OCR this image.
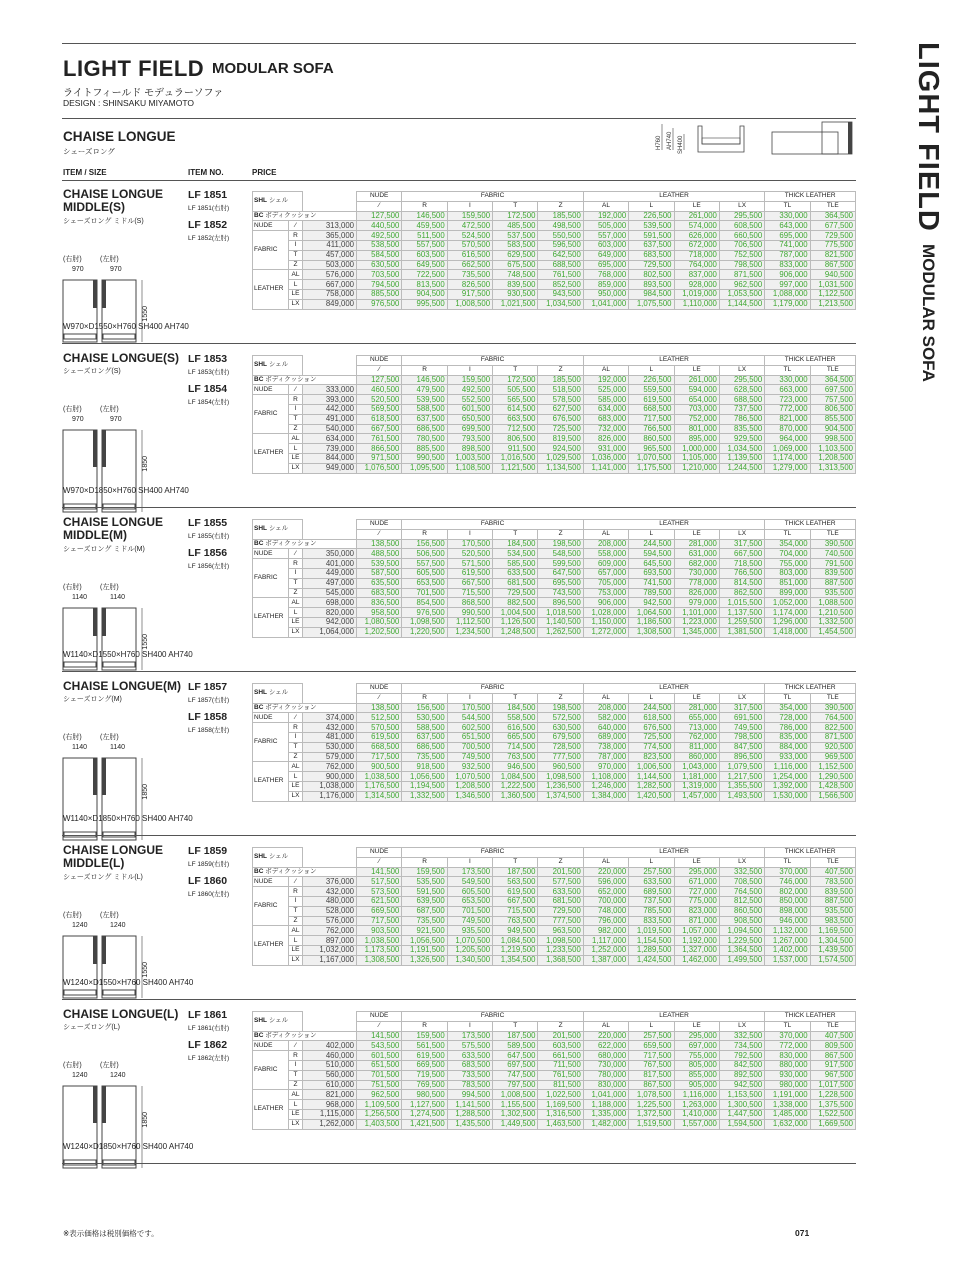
LIGHT FIELD MODULAR SOFA
ライトフィールド モデュラーソファ
DESIGN : SHINSAKU MIYAMOTO
CHAISE LONGUE
シェーズロング
H760 AH740 SH400	LIGHT FIELDMODULAR SOFA
ITEM / SIZE	ITEM NO.	PRICE
CHAISE LONGUE MIDDLE(S)
シェーズロング ミドル(S)
LF 1851
LF 1851(右肘)
LF 1852
LF 1852(左肘)
(右肘)	(左肘)
970	970
1550
W970×D1550×H760 SH400 AH740
SHL シェル			NUDE	FABRIC				LEATHER				THICK LEATHER	
			∕	R	I	T	Z	AL	L	LE	LX	TL	TLE
BC ボディクッション			127,500	146,500	159,500	172,500	185,500	192,000	226,500	261,000	295,500	330,000	364,500
NUDE	∕	313,000	440,500	459,500	472,500	485,500	498,500	505,000	539,500	574,000	608,500	643,000	677,500
FABRIC	R	365,000	492,500	511,500	524,500	537,500	550,500	557,000	591,500	626,000	660,500	695,000	729,500
	I	411,000	538,500	557,500	570,500	583,500	596,500	603,000	637,500	672,000	706,500	741,000	775,500
	T	457,000	584,500	603,500	616,500	629,500	642,500	649,000	683,500	718,000	752,500	787,000	821,500
	Z	503,000	630,500	649,500	662,500	675,500	688,500	695,000	729,500	764,000	798,500	833,000	867,500
LEATHER	AL	576,000	703,500	722,500	735,500	748,500	761,500	768,000	802,500	837,000	871,500	906,000	940,500
	L	667,000	794,500	813,500	826,500	839,500	852,500	859,000	893,500	928,000	962,500	997,000	1,031,500
	LE	758,000	885,500	904,500	917,500	930,500	943,500	950,000	984,500	1,019,000	1,053,500	1,088,000	1,122,500
	LX	849,000	976,500	995,500	1,008,500	1,021,500	1,034,500	1,041,000	1,075,500	1,110,000	1,144,500	1,179,000	1,213,500
CHAISE LONGUE(S)
シェーズロング(S)
LF 1853
LF 1853(右肘)
LF 1854
LF 1854(左肘)
(右肘)	(左肘)
970	970
1850
W970×D1850×H760 SH400 AH740
SHL シェル			NUDE	FABRIC				LEATHER				THICK LEATHER	
			∕	R	I	T	Z	AL	L	LE	LX	TL	TLE
BC ボディクッション			127,500	146,500	159,500	172,500	185,500	192,000	226,500	261,000	295,500	330,000	364,500
NUDE	∕	333,000	460,500	479,500	492,500	505,500	518,500	525,000	559,500	594,000	628,500	663,000	697,500
FABRIC	R	393,000	520,500	539,500	552,500	565,500	578,500	585,000	619,500	654,000	688,500	723,000	757,500
	I	442,000	569,500	588,500	601,500	614,500	627,500	634,000	668,500	703,000	737,500	772,000	806,500
	T	491,000	618,500	637,500	650,500	663,500	676,500	683,000	717,500	752,000	786,500	821,000	855,500
	Z	540,000	667,500	686,500	699,500	712,500	725,500	732,000	766,500	801,000	835,500	870,000	904,500
LEATHER	AL	634,000	761,500	780,500	793,500	806,500	819,500	826,000	860,500	895,000	929,500	964,000	998,500
	L	739,000	866,500	885,500	898,500	911,500	924,500	931,000	965,500	1,000,000	1,034,500	1,069,000	1,103,500
	LE	844,000	971,500	990,500	1,003,500	1,016,500	1,029,500	1,036,000	1,070,500	1,105,000	1,139,500	1,174,000	1,208,500
	LX	949,000	1,076,500	1,095,500	1,108,500	1,121,500	1,134,500	1,141,000	1,175,500	1,210,000	1,244,500	1,279,000	1,313,500
CHAISE LONGUE MIDDLE(M)
シェーズロング ミドル(M)
LF 1855
LF 1855(右肘)
LF 1856
LF 1856(左肘)
(右肘)	(左肘)
1140	1140
1550
W1140×D1550×H760 SH400 AH740
SHL シェル			NUDE	FABRIC				LEATHER				THICK LEATHER	
			∕	R	I	T	Z	AL	L	LE	LX	TL	TLE
BC ボディクッション			138,500	156,500	170,500	184,500	198,500	208,000	244,500	281,000	317,500	354,000	390,500
NUDE	∕	350,000	488,500	506,500	520,500	534,500	548,500	558,000	594,500	631,000	667,500	704,000	740,500
FABRIC	R	401,000	539,500	557,500	571,500	585,500	599,500	609,000	645,500	682,000	718,500	755,000	791,500
	I	449,000	587,500	605,500	619,500	633,500	647,500	657,000	693,500	730,000	766,500	803,000	839,500
	T	497,000	635,500	653,500	667,500	681,500	695,500	705,000	741,500	778,000	814,500	851,000	887,500
	Z	545,000	683,500	701,500	715,500	729,500	743,500	753,000	789,500	826,000	862,500	899,000	935,500
LEATHER	AL	698,000	836,500	854,500	868,500	882,500	896,500	906,000	942,500	979,000	1,015,500	1,052,000	1,088,500
	L	820,000	958,500	976,500	990,500	1,004,500	1,018,500	1,028,000	1,064,500	1,101,000	1,137,500	1,174,000	1,210,500
	LE	942,000	1,080,500	1,098,500	1,112,500	1,126,500	1,140,500	1,150,000	1,186,500	1,223,000	1,259,500	1,296,000	1,332,500
	LX	1,064,000	1,202,500	1,220,500	1,234,500	1,248,500	1,262,500	1,272,000	1,308,500	1,345,000	1,381,500	1,418,000	1,454,500
CHAISE LONGUE(M)
シェーズロング(M)
LF 1857
LF 1857(右肘)
LF 1858
LF 1858(左肘)
(右肘)	(左肘)
1140	1140
1850
W1140×D1850×H760 SH400 AH740
SHL シェル			NUDE	FABRIC				LEATHER				THICK LEATHER	
			∕	R	I	T	Z	AL	L	LE	LX	TL	TLE
BC ボディクッション			138,500	156,500	170,500	184,500	198,500	208,000	244,500	281,000	317,500	354,000	390,500
NUDE	∕	374,000	512,500	530,500	544,500	558,500	572,500	582,000	618,500	655,000	691,500	728,000	764,500
FABRIC	R	432,000	570,500	588,500	602,500	616,500	630,500	640,000	676,500	713,000	749,500	786,000	822,500
	I	481,000	619,500	637,500	651,500	665,500	679,500	689,000	725,500	762,000	798,500	835,000	871,500
	T	530,000	668,500	686,500	700,500	714,500	728,500	738,000	774,500	811,000	847,500	884,000	920,500
	Z	579,000	717,500	735,500	749,500	763,500	777,500	787,000	823,500	860,000	896,500	933,000	969,500
LEATHER	AL	762,000	900,500	918,500	932,500	946,500	960,500	970,000	1,006,500	1,043,000	1,079,500	1,116,000	1,152,500
	L	900,000	1,038,500	1,056,500	1,070,500	1,084,500	1,098,500	1,108,000	1,144,500	1,181,000	1,217,500	1,254,000	1,290,500
	LE	1,038,000	1,176,500	1,194,500	1,208,500	1,222,500	1,236,500	1,246,000	1,282,500	1,319,000	1,355,500	1,392,000	1,428,500
	LX	1,176,000	1,314,500	1,332,500	1,346,500	1,360,500	1,374,500	1,384,000	1,420,500	1,457,000	1,493,500	1,530,000	1,566,500
CHAISE LONGUE MIDDLE(L)
シェーズロング ミドル(L)
LF 1859
LF 1859(右肘)
LF 1860
LF 1860(左肘)
(右肘)	(左肘)
1240	1240
1550
W1240×D1550×H760 SH400 AH740
SHL シェル			NUDE	FABRIC				LEATHER				THICK LEATHER	
			∕	R	I	T	Z	AL	L	LE	LX	TL	TLE
BC ボディクッション			141,500	159,500	173,500	187,500	201,500	220,000	257,500	295,000	332,500	370,000	407,500
NUDE	∕	376,000	517,500	535,500	549,500	563,500	577,500	596,000	633,500	671,000	708,500	746,000	783,500
FABRIC	R	432,000	573,500	591,500	605,500	619,500	633,500	652,000	689,500	727,000	764,500	802,000	839,500
	I	480,000	621,500	639,500	653,500	667,500	681,500	700,000	737,500	775,000	812,500	850,000	887,500
	T	528,000	669,500	687,500	701,500	715,500	729,500	748,000	785,500	823,000	860,500	898,000	935,500
	Z	576,000	717,500	735,500	749,500	763,500	777,500	796,000	833,500	871,000	908,500	946,000	983,500
LEATHER	AL	762,000	903,500	921,500	935,500	949,500	963,500	982,000	1,019,500	1,057,000	1,094,500	1,132,000	1,169,500
	L	897,000	1,038,500	1,056,500	1,070,500	1,084,500	1,098,500	1,117,000	1,154,500	1,192,000	1,229,500	1,267,000	1,304,500
	LE	1,032,000	1,173,500	1,191,500	1,205,500	1,219,500	1,233,500	1,252,000	1,289,500	1,327,000	1,364,500	1,402,000	1,439,500
	LX	1,167,000	1,308,500	1,326,500	1,340,500	1,354,500	1,368,500	1,387,000	1,424,500	1,462,000	1,499,500	1,537,000	1,574,500
CHAISE LONGUE(L)
シェーズロング(L)
LF 1861
LF 1861(右肘)
LF 1862
LF 1862(左肘)
(右肘)	(左肘)
1240	1240
1850
W1240×D1850×H760 SH400 AH740
SHL シェル			NUDE	FABRIC				LEATHER				THICK LEATHER	
			∕	R	I	T	Z	AL	L	LE	LX	TL	TLE
BC ボディクッション			141,500	159,500	173,500	187,500	201,500	220,000	257,500	295,000	332,500	370,000	407,500
NUDE	∕	402,000	543,500	561,500	575,500	589,500	603,500	622,000	659,500	697,000	734,500	772,000	809,500
FABRIC	R	460,000	601,500	619,500	633,500	647,500	661,500	680,000	717,500	755,000	792,500	830,000	867,500
	I	510,000	651,500	669,500	683,500	697,500	711,500	730,000	767,500	805,000	842,500	880,000	917,500
	T	560,000	701,500	719,500	733,500	747,500	761,500	780,000	817,500	855,000	892,500	930,000	967,500
	Z	610,000	751,500	769,500	783,500	797,500	811,500	830,000	867,500	905,000	942,500	980,000	1,017,500
LEATHER	AL	821,000	962,500	980,500	994,500	1,008,500	1,022,500	1,041,000	1,078,500	1,116,000	1,153,500	1,191,000	1,228,500
	L	968,000	1,109,500	1,127,500	1,141,500	1,155,500	1,169,500	1,188,000	1,225,500	1,263,000	1,300,500	1,338,000	1,375,500
	LE	1,115,000	1,256,500	1,274,500	1,288,500	1,302,500	1,316,500	1,335,000	1,372,500	1,410,000	1,447,500	1,485,000	1,522,500
	LX	1,262,000	1,403,500	1,421,500	1,435,500	1,449,500	1,463,500	1,482,000	1,519,500	1,557,000	1,594,500	1,632,000	1,669,500
※表示価格は税別価格です。	071
